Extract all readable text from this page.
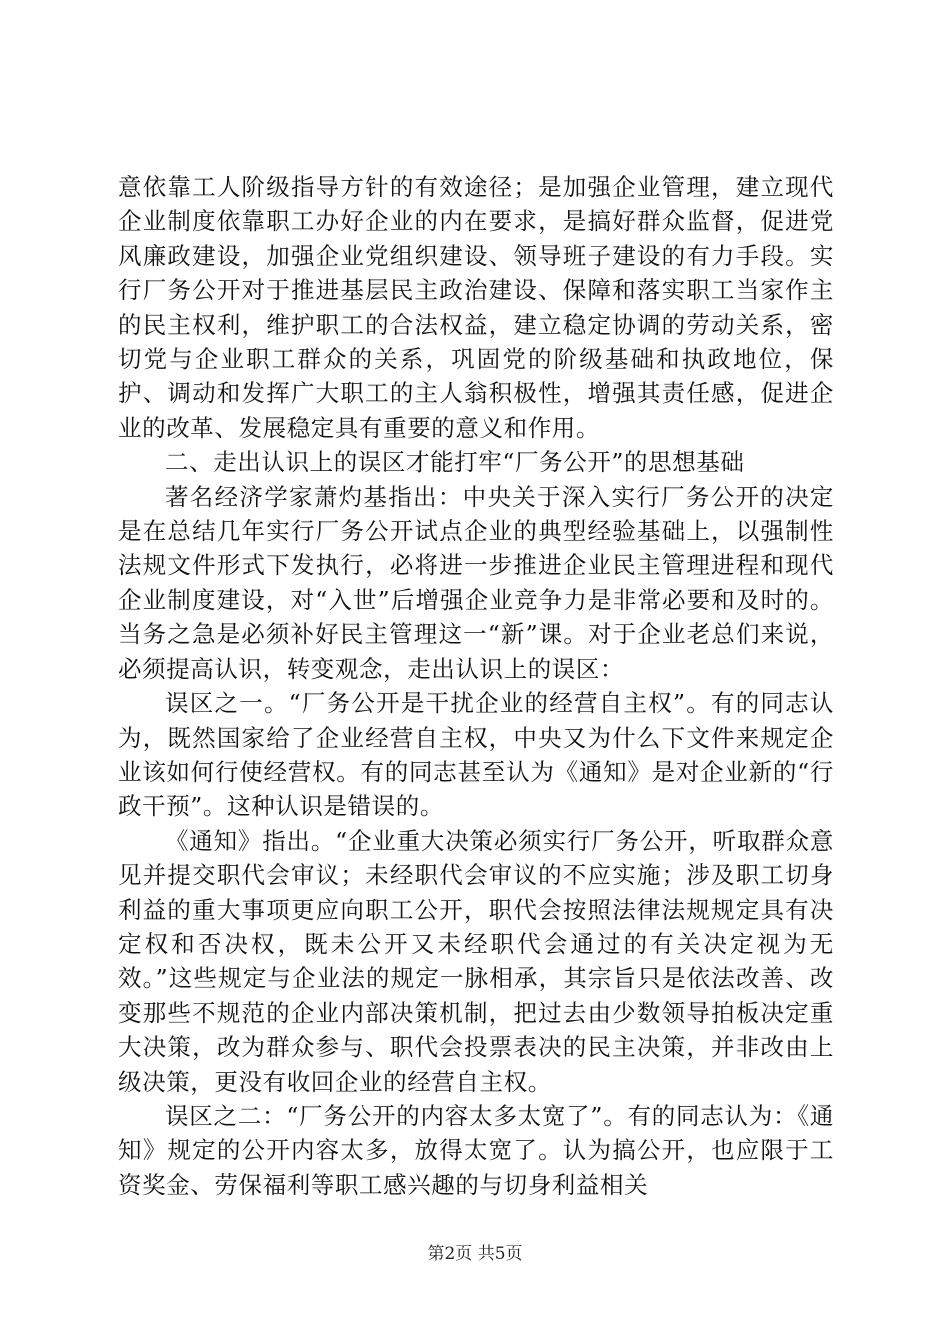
意依靠工人阶级指导方针的有效途径；是加强企业管理，建立现代企业制度依靠职工办好企业的内在要求，是搞好群众监督，促进党风廉政建设，加强企业党组织建设、领导班子建设的有力手段。实行厂务公开对于推进基层民主政治建设、保障和落实职工当家作主的民主权利，维护职工的合法权益，建立稳定协调的劳动关系，密切党与企业职工群众的关系，巩固党的阶级基础和执政地位，保护、调动和发挥广大职工的主人翁积极性，增强其责任感，促进企业的改革、发展稳定具有重要的意义和作用。

二、走出认识上的误区才能打牢“厂务公开”的思想基础

著名经济学家萧灼基指出：中央关于深入实行厂务公开的决定是在总结几年实行厂务公开试点企业的典型经验基础上，以强制性法规文件形式下发执行，必将进一步推进企业民主管理进程和现代企业制度建设，对“入世”后增强企业竞争力是非常必要和及时的。当务之急是必须补好民主管理这一“新”课。对于企业老总们来说，必须提高认识，转变观念，走出认识上的误区：

误区之一。“厂务公开是干扰企业的经营自主权”。有的同志认为，既然国家给了企业经营自主权，中央又为什么下文件来规定企业该如何行使经营权。有的同志甚至认为《通知》是对企业新的“行政干预”。这种认识是错误的。

《通知》指出。“企业重大决策必须实行厂务公开，听取群众意见并提交职代会审议；未经职代会审议的不应实施；涉及职工切身利益的重大事项更应向职工公开，职代会按照法律法规规定具有决定权和否决权，既未公开又未经职代会通过的有关决定视为无效。”这些规定与企业法的规定一脉相承，其宗旨只是依法改善、改变那些不规范的企业内部决策机制，把过去由少数领导拍板决定重大决策，改为群众参与、职代会投票表决的民主决策，并非改由上级决策，更没有收回企业的经营自主权。

误区之二：“厂务公开的内容太多太宽了”。有的同志认为：《通知》规定的公开内容太多，放得太宽了。认为搞公开，也应限于工资奖金、劳保福利等职工感兴趣的与切身利益相关

第2页 共5页
